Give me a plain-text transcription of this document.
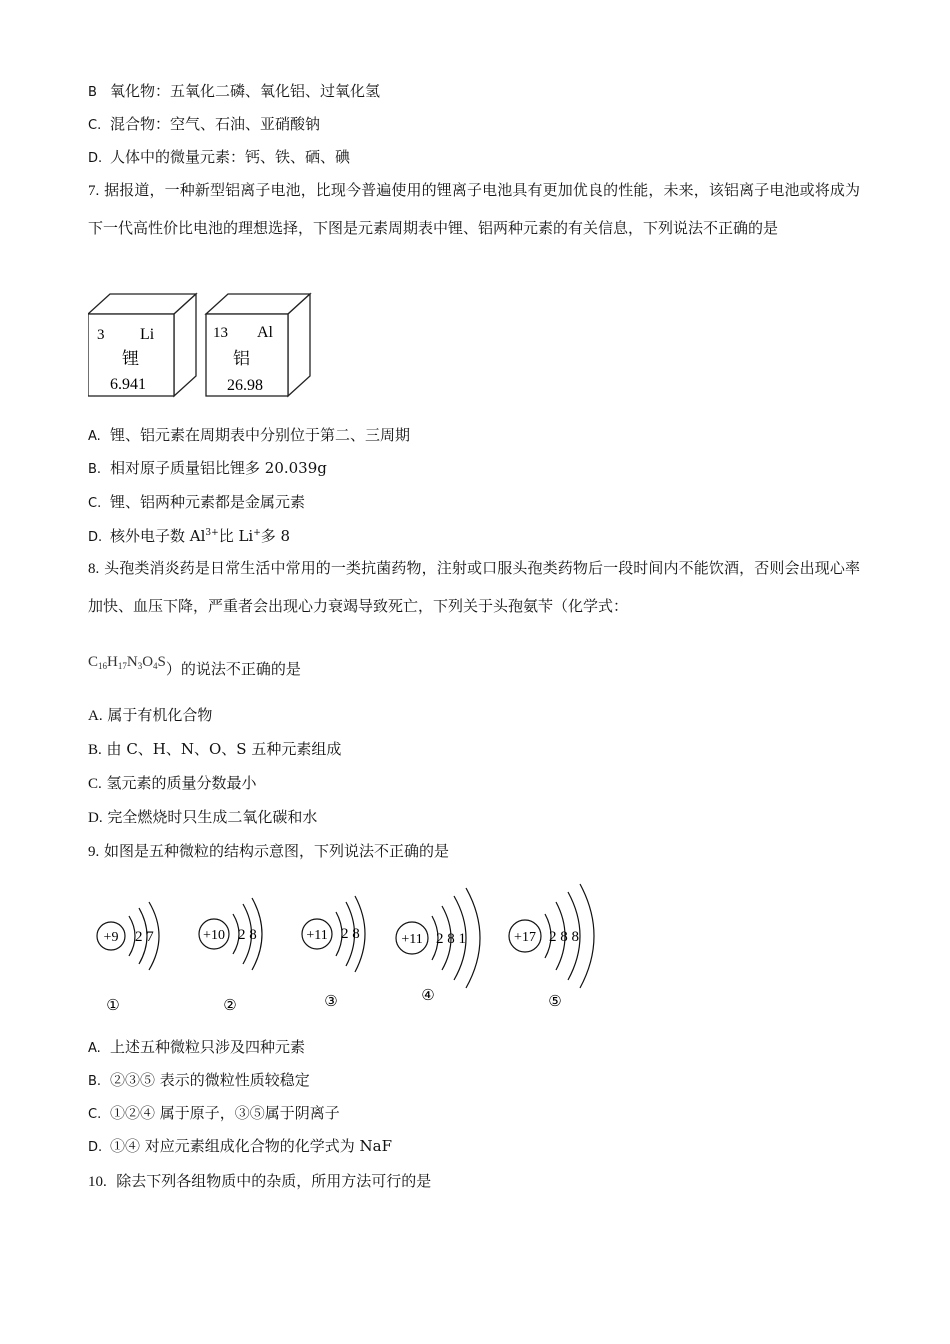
B 氧化物：五氧化二磷、氧化铝、过氧化氢
C. 混合物：空气、石油、亚硝酸钠
D. 人体中的微量元素：钙、铁、硒、碘
7. 据报道，一种新型铝离子电池，比现今普遍使用的锂离子电池具有更加优良的性能，未来，该铝离子电池或将成为下一代高性价比电池的理想选择，下图是元素周期表中锂、铝两种元素的有关信息，下列说法不正确的是
3 Li
锂
6.941
13 Al
铝
26.98
A. 锂、铝元素在周期表中分别位于第二、三周期
B. 相对原子质量铝比锂多 20.039g
C. 锂、铝两种元素都是金属元素
D. 核外电子数 $Al^{3+}$比 Li+多 8
8. 头孢类消炎药是日常生活中常用的一类抗菌药物，注射或口服头孢类药物后一段时间内不能饮酒，否则会出现心率加快、血压下降，严重者会出现心力衰竭导致死亡，下列关于头孢氨苄（化学式：
$C_{16}H_{17}N_3O_4S$）的说法不正确的是
A. 属于有机化合物
B. 由 C、H、N、O、S 五种元素组成
C. 氢元素的质量分数最小
D. 完全燃烧时只生成二氧化碳和水
9. 如图是五种微粒的结构示意图，下列说法不正确的是
+9 2 7
①
+10 2 8
②
+11 2 8
③
+11 2 8 1
④
+17 2 8 8
⑤
A. 上述五种微粒只涉及四种元素
B. ②③⑤ 表示的微粒性质较稳定
C. ①②④ 属于原子，③⑤属于阴离子
D. ①④ 对应元素组成化合物的化学式为 NaF
10. 除去下列各组物质中的杂质，所用方法可行的是
